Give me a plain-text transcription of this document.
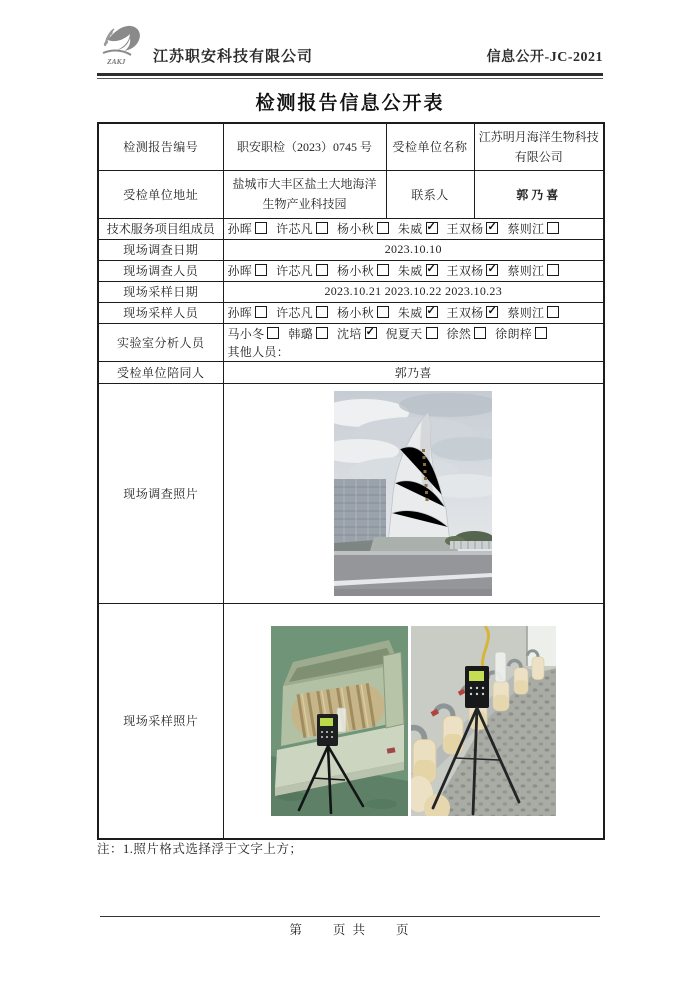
ZAKJ 江苏职安科技有限公司	信息公开-JC-2021
检测报告信息公开表
检测报告编号	职安职检（2023）0745 号	受检单位名称	江苏明月海洋生物科技有限公司
受检单位地址	盐城市大丰区盐土大地海洋生物产业科技园	联系人	郭乃喜
技术服务项目组成员	孙晖 许芯凡 杨小秋 朱威 ✓ 王双杨✓ 蔡则江
现场调查日期	2023.10.10		
现场调查人员	孙晖 许芯凡 杨小秋 朱威 ✓ 王双杨✓ 蔡则江
现场采样日期	2023.10.21 2023.10.22 2023.10.23		
现场采样人员	孙晖 许芯凡 杨小秋 朱威 ✓ 王双杨✓ 蔡则江
实验室分析人员	马小冬 韩璐 沈培 ✓ 倪夏天 徐然 徐朗梓
其他人员：

受检单位陪同人	郭乃喜		
现场调查照片	
现场采样照片	
注：1.照片格式选择浮于文字上方；
第　　页 共　　页
